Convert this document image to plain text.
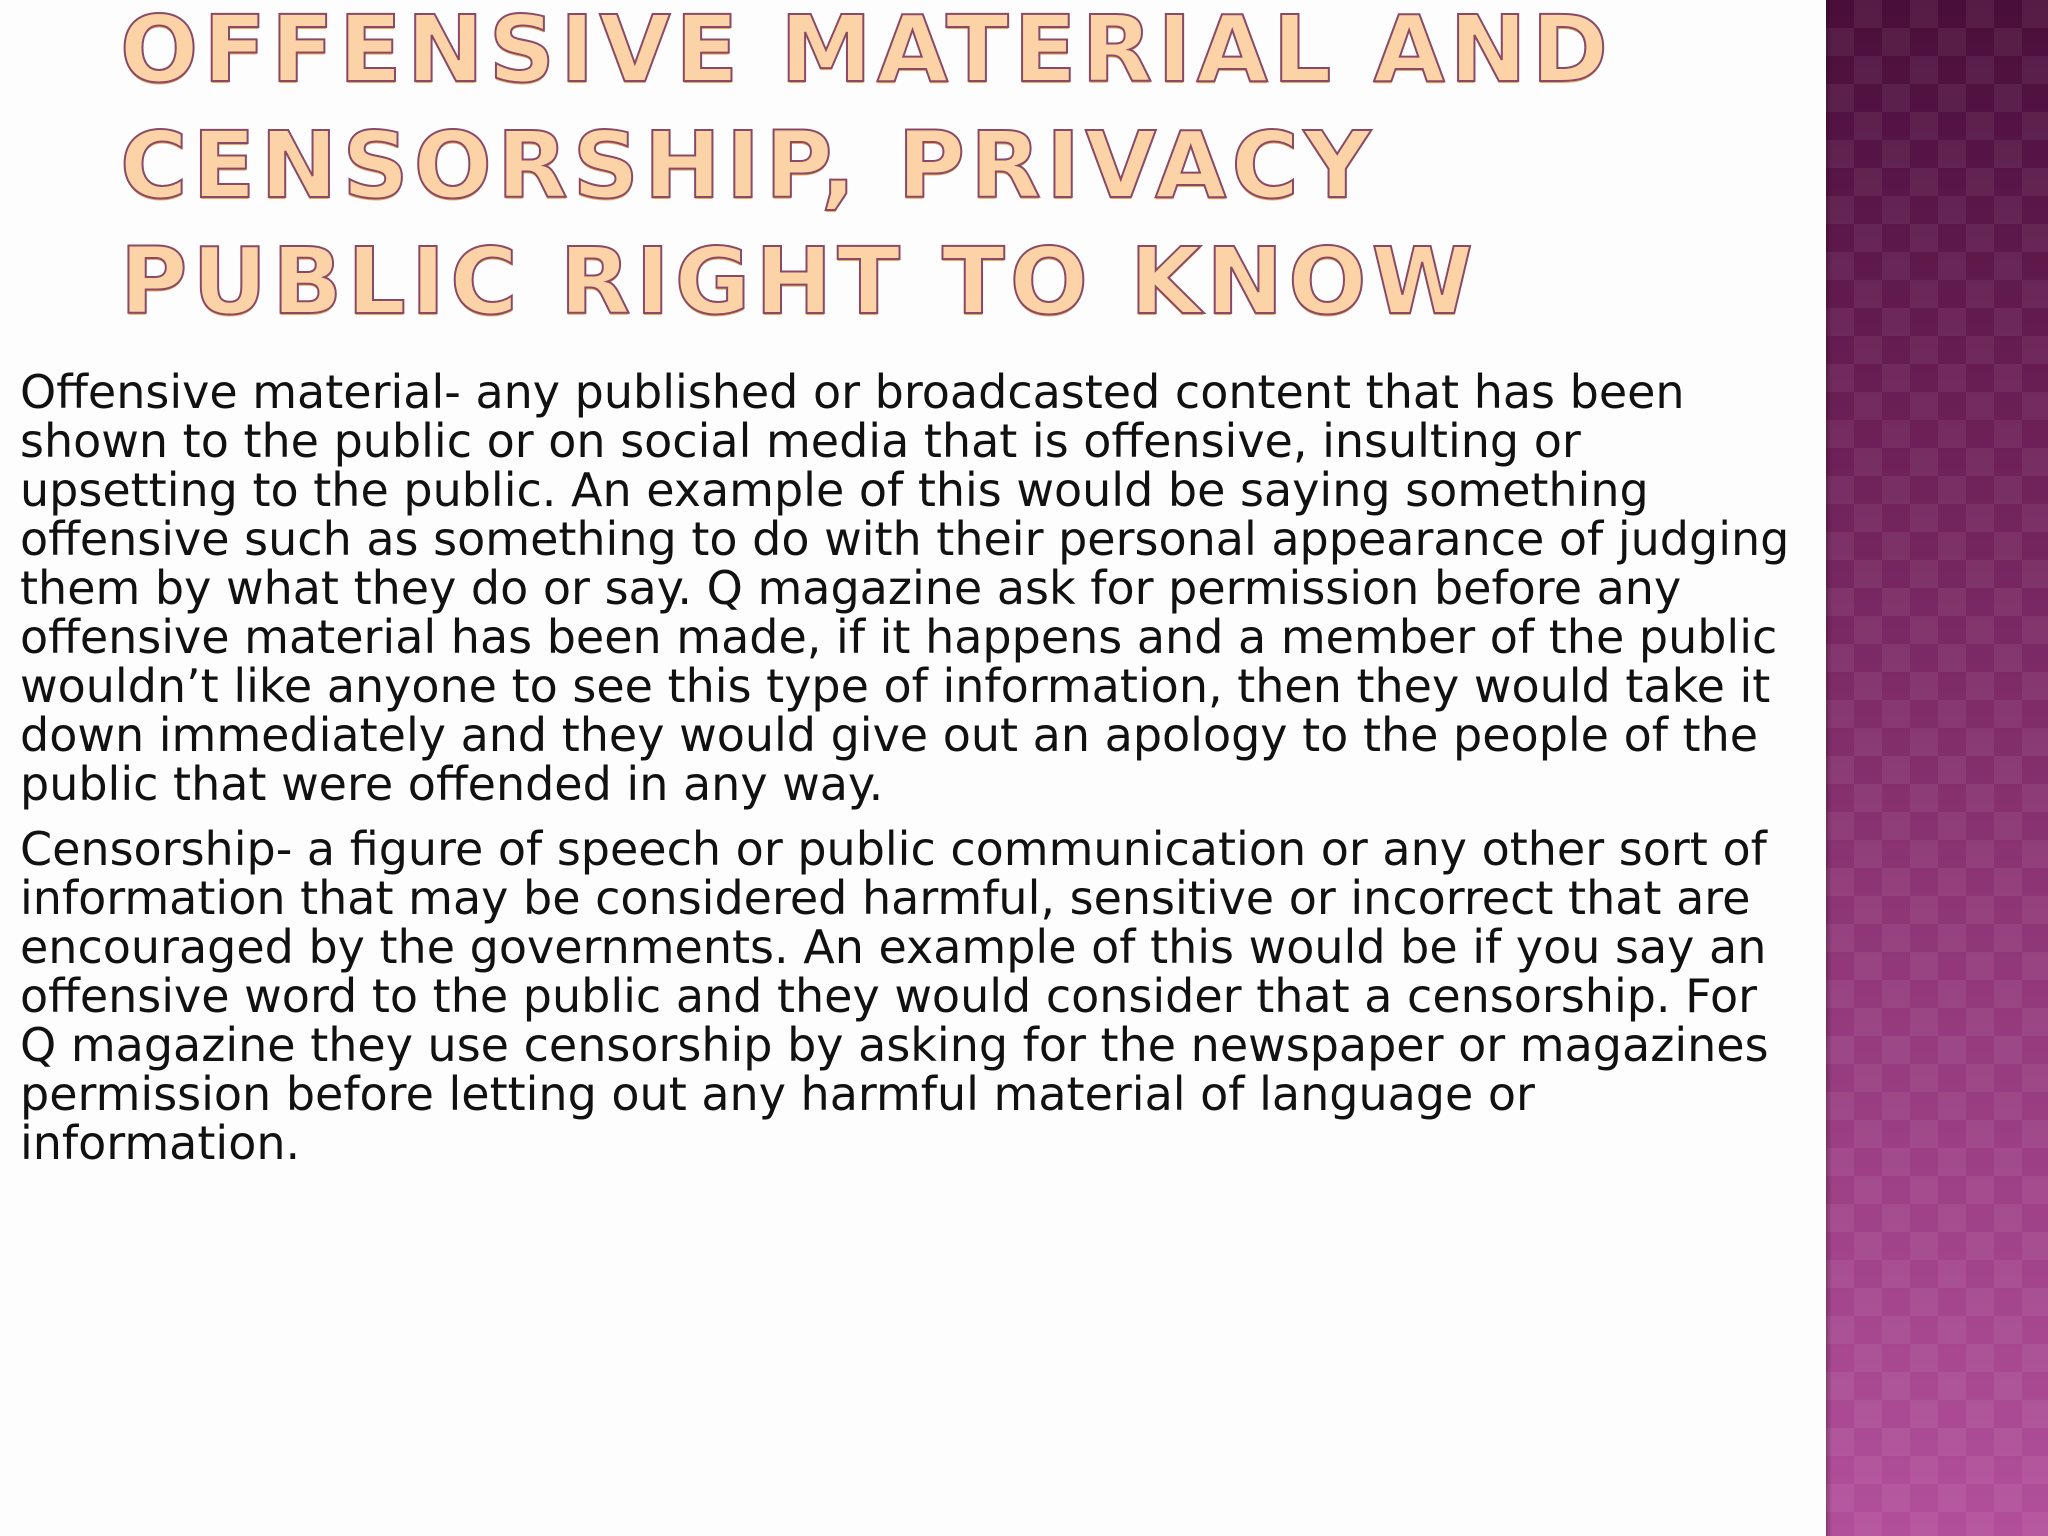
OFFENSIVE MATERIAL AND CENSORSHIP, PRIVACY PUBLIC RIGHT TO KNOW

Offensive material- any published or broadcasted content that has been shown to the public or on social media that is offensive, insulting or upsetting to the public. An example of this would be saying something offensive such as something to do with their personal appearance of judging them by what they do or say. Q magazine ask for permission before any offensive material has been made, if it happens and a member of the public wouldn’t like anyone to see this type of information, then they would take it down immediately and they would give out an apology to the people of the public that were offended in any way.

Censorship- a figure of speech or public communication or any other sort of information that may be considered harmful, sensitive or incorrect that are encouraged by the governments. An example of this would be if you say an offensive word to the public and they would consider that a censorship. For Q magazine they use censorship by asking for the newspaper or magazines permission before letting out any harmful material of language or information.
